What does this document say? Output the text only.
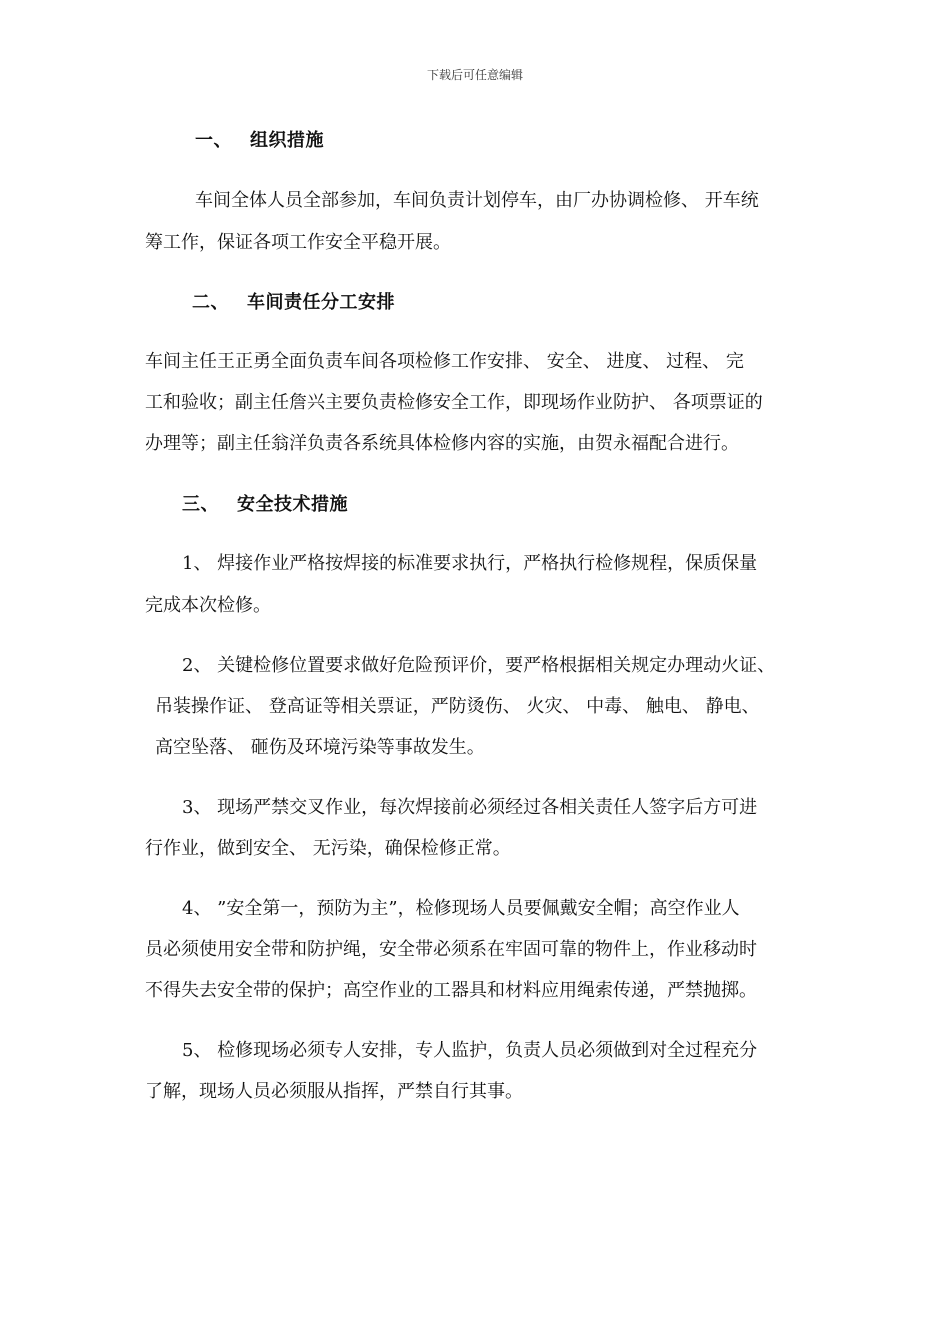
下载后可任意编辑
一、 组织措施
车间全体人员全部参加，车间负责计划停车，由厂办协调检修、 开车统
筹工作，保证各项工作安全平稳开展。
二、 车间责任分工安排
车间主任王正勇全面负责车间各项检修工作安排、 安全、 进度、 过程、 完
工和验收；副主任詹兴主要负责检修安全工作，即现场作业防护、 各项票证的
办理等；副主任翁洋负责各系统具体检修内容的实施，由贺永福配合进行。
三、 安全技术措施
1、 焊接作业严格按焊接的标准要求执行，严格执行检修规程，保质保量
完成本次检修。
2、 关键检修位置要求做好危险预评价，要严格根据相关规定办理动火证、
吊装操作证、 登高证等相关票证，严防烫伤、 火灾、 中毒、 触电、 静电、
高空坠落、 砸伤及环境污染等事故发生。
3、 现场严禁交叉作业，每次焊接前必须经过各相关责任人签字后方可进
行作业，做到安全、 无污染，确保检修正常。
4、 ”安全第一，预防为主”，检修现场人员要佩戴安全帽；高空作业人
员必须使用安全带和防护绳，安全带必须系在牢固可靠的物件上，作业移动时
不得失去安全带的保护；高空作业的工器具和材料应用绳索传递，严禁抛掷。
5、 检修现场必须专人安排，专人监护，负责人员必须做到对全过程充分
了解，现场人员必须服从指挥，严禁自行其事。
